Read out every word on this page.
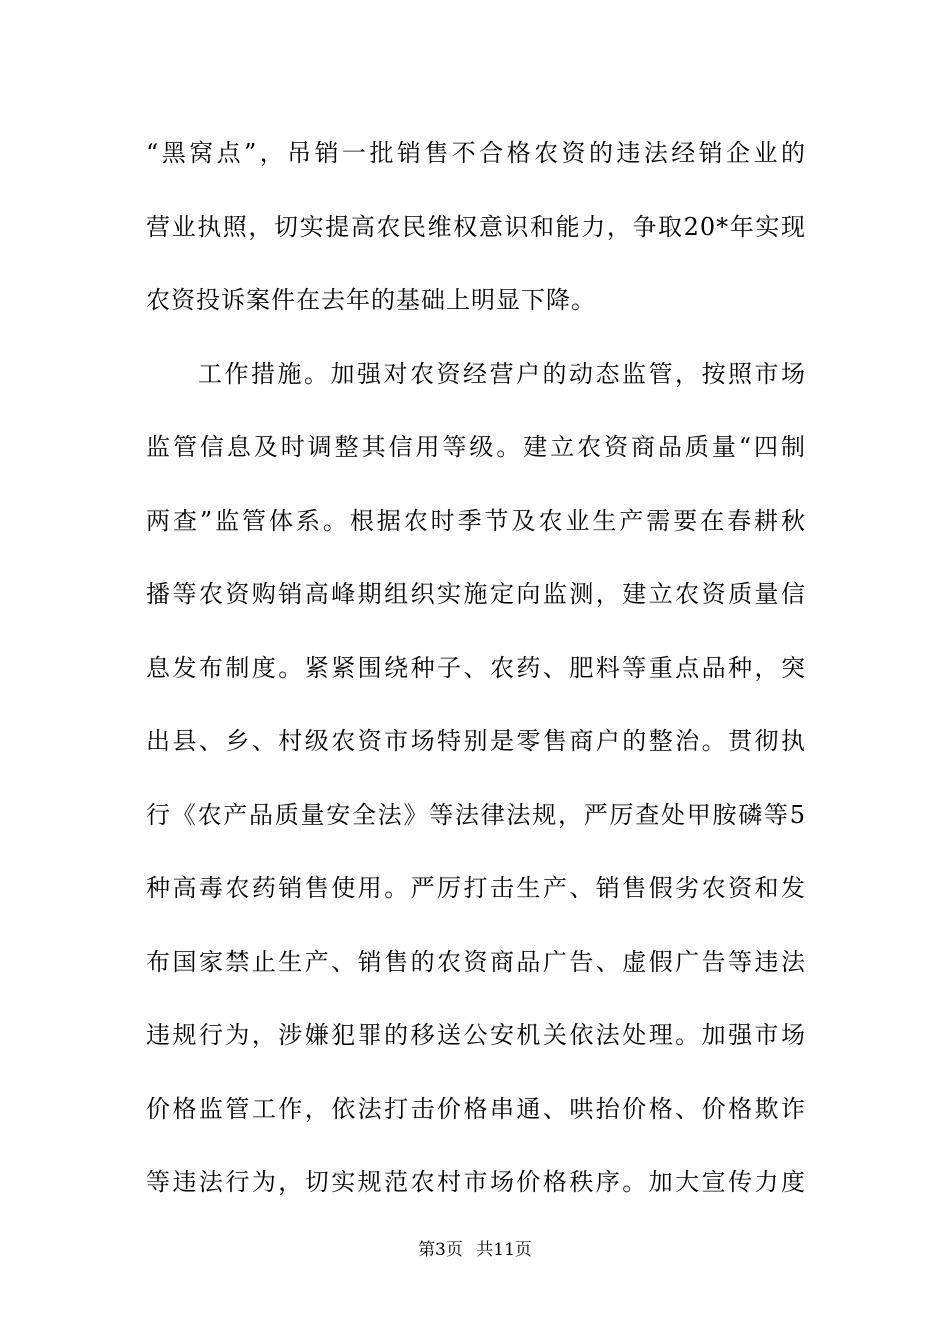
“黑窝点”，吊销一批销售不合格农资的违法经销企业的
营业执照，切实提高农民维权意识和能力，争取20*年实现
农资投诉案件在去年的基础上明显下降。
工作措施。加强对农资经营户的动态监管，按照市场
监管信息及时调整其信用等级。建立农资商品质量“四制
两查”监管体系。根据农时季节及农业生产需要在春耕秋
播等农资购销高峰期组织实施定向监测，建立农资质量信
息发布制度。紧紧围绕种子、农药、肥料等重点品种，突
出县、乡、村级农资市场特别是零售商户的整治。贯彻执
行《农产品质量安全法》等法律法规，严厉查处甲胺磷等5
种高毒农药销售使用。严厉打击生产、销售假劣农资和发
布国家禁止生产、销售的农资商品广告、虚假广告等违法
违规行为，涉嫌犯罪的移送公安机关依法处理。加强市场
价格监管工作，依法打击价格串通、哄抬价格、价格欺诈
等违法行为，切实规范农村市场价格秩序。加大宣传力度
第3页 共11页
